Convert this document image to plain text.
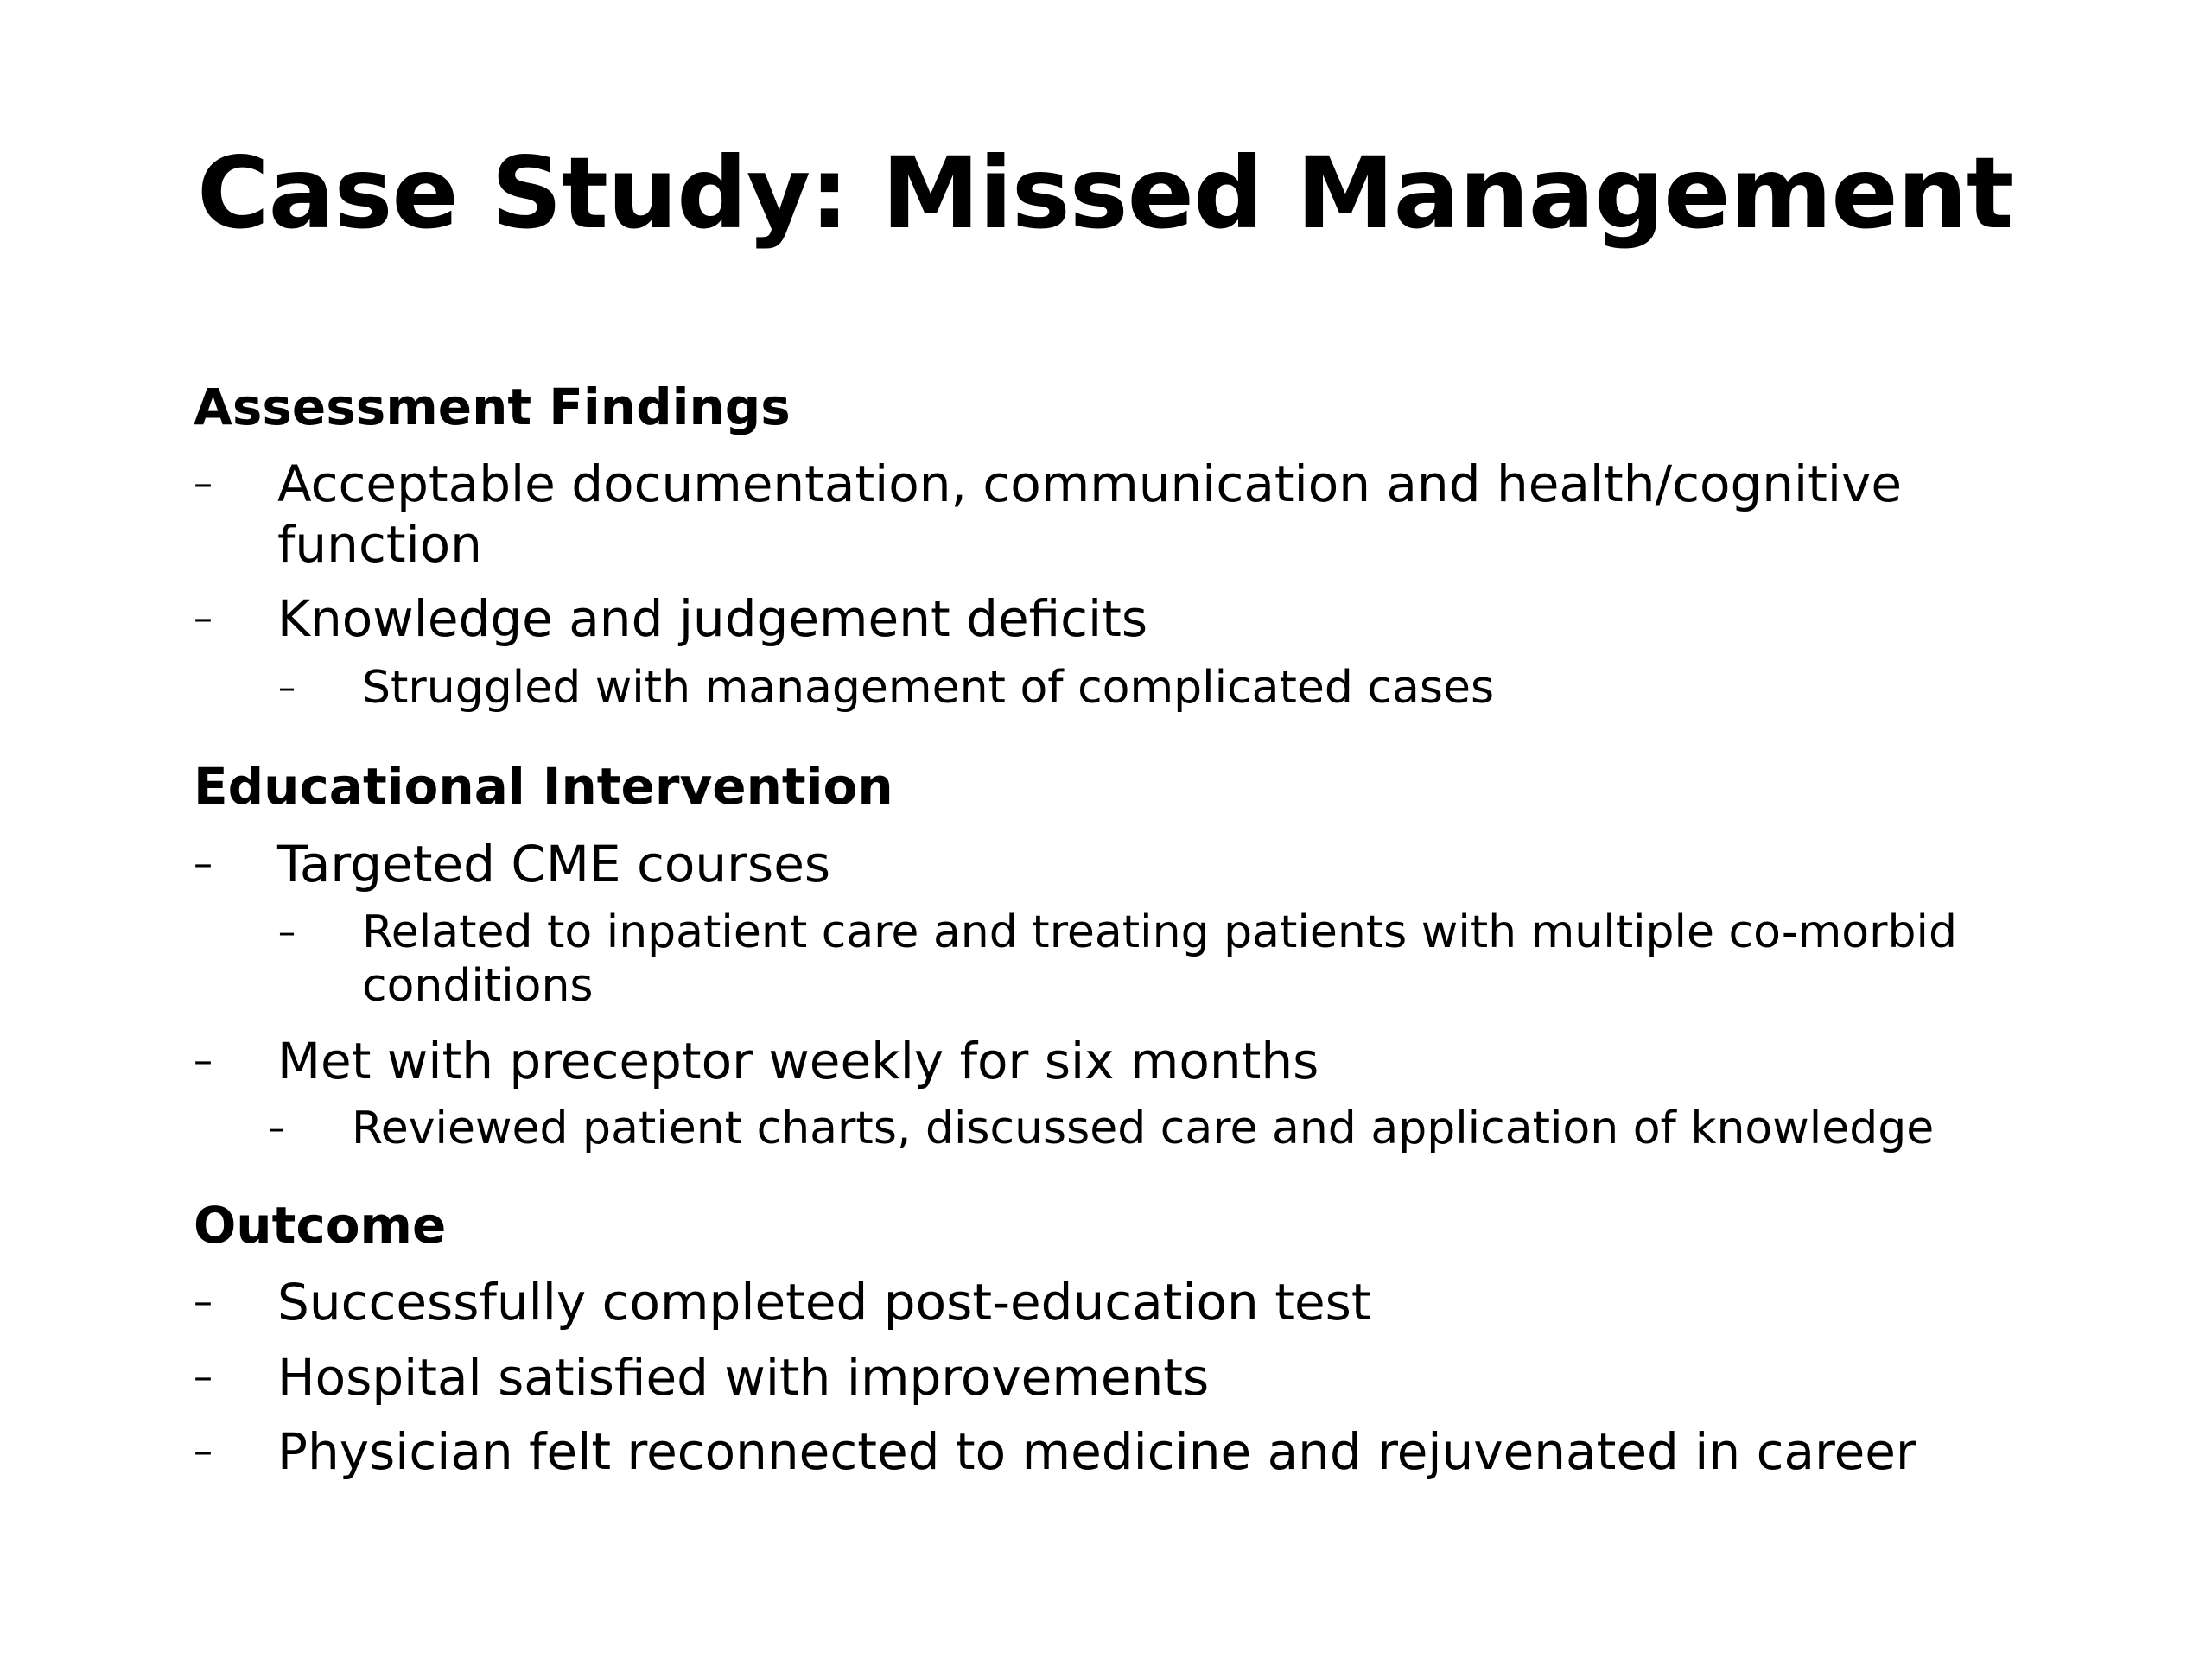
Case Study: Missed Management
Assessment Findings
– Acceptable documentation, communication and health/cognitive function
– Knowledge and judgement deficits
– Struggled with management of complicated cases
Educational Intervention
– Targeted CME courses
– Related to inpatient care and treating patients with multiple co-morbid conditions
– Met with preceptor weekly for six months
– Reviewed patient charts, discussed care and application of knowledge
Outcome
– Successfully completed post-education test
– Hospital satisfied with improvements
– Physician felt reconnected to medicine and rejuvenated in career
